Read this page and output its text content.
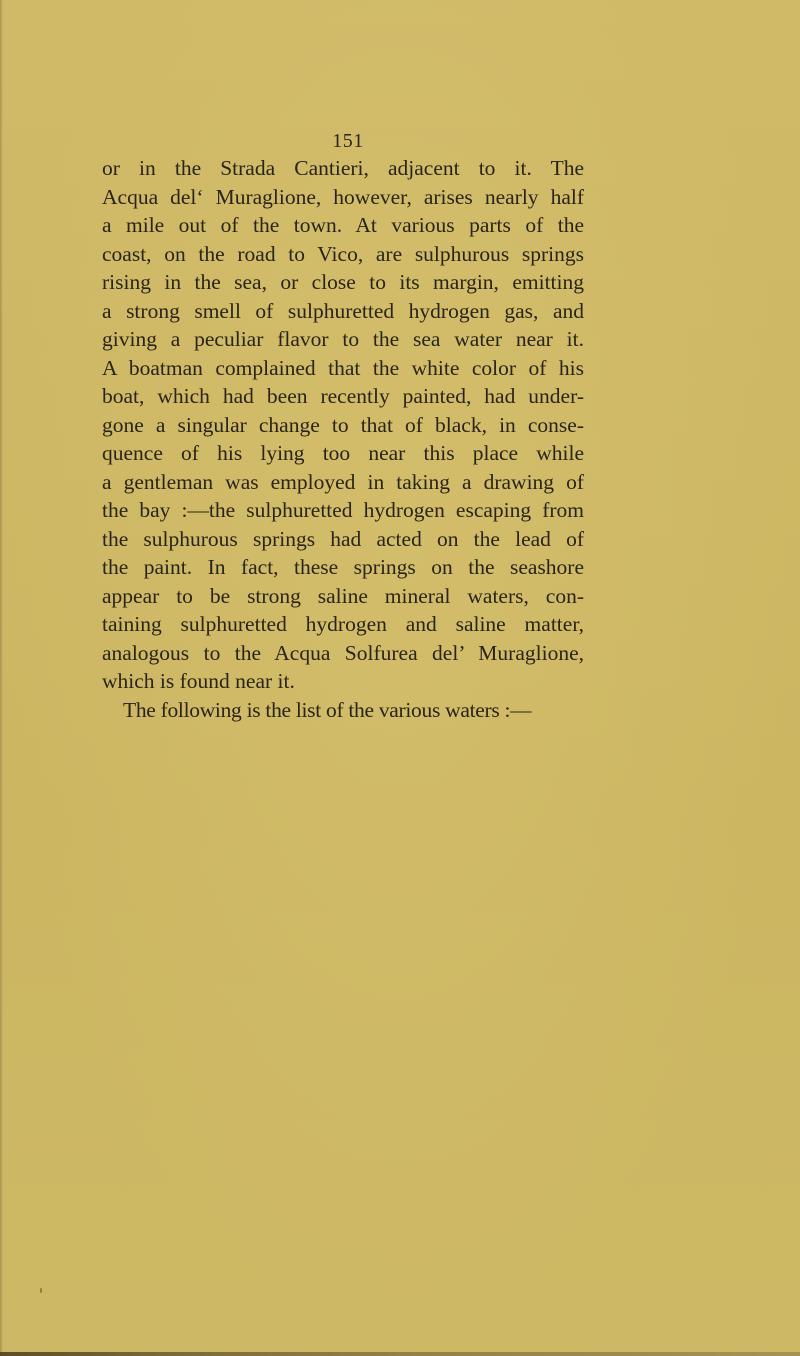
151
or in the Strada Cantieri, adjacent to it. The
Acqua del‘ Muraglione, however, arises nearly half
a mile out of the town. At various parts of the
coast, on the road to Vico, are sulphurous springs
rising in the sea, or close to its margin, emitting
a strong smell of sulphuretted hydrogen gas, and
giving a peculiar flavor to the sea water near it.
A boatman complained that the white color of his
boat, which had been recently painted, had under-
gone a singular change to that of black, in conse-
quence of his lying too near this place while
a gentleman was employed in taking a drawing of
the bay :—the sulphuretted hydrogen escaping from
the sulphurous springs had acted on the lead of
the paint. In fact, these springs on the seashore
appear to be strong saline mineral waters, con-
taining sulphuretted hydrogen and saline matter,
analogous to the Acqua Solfurea del’ Muraglione,
which is found near it.
The following is the list of the various waters :—
